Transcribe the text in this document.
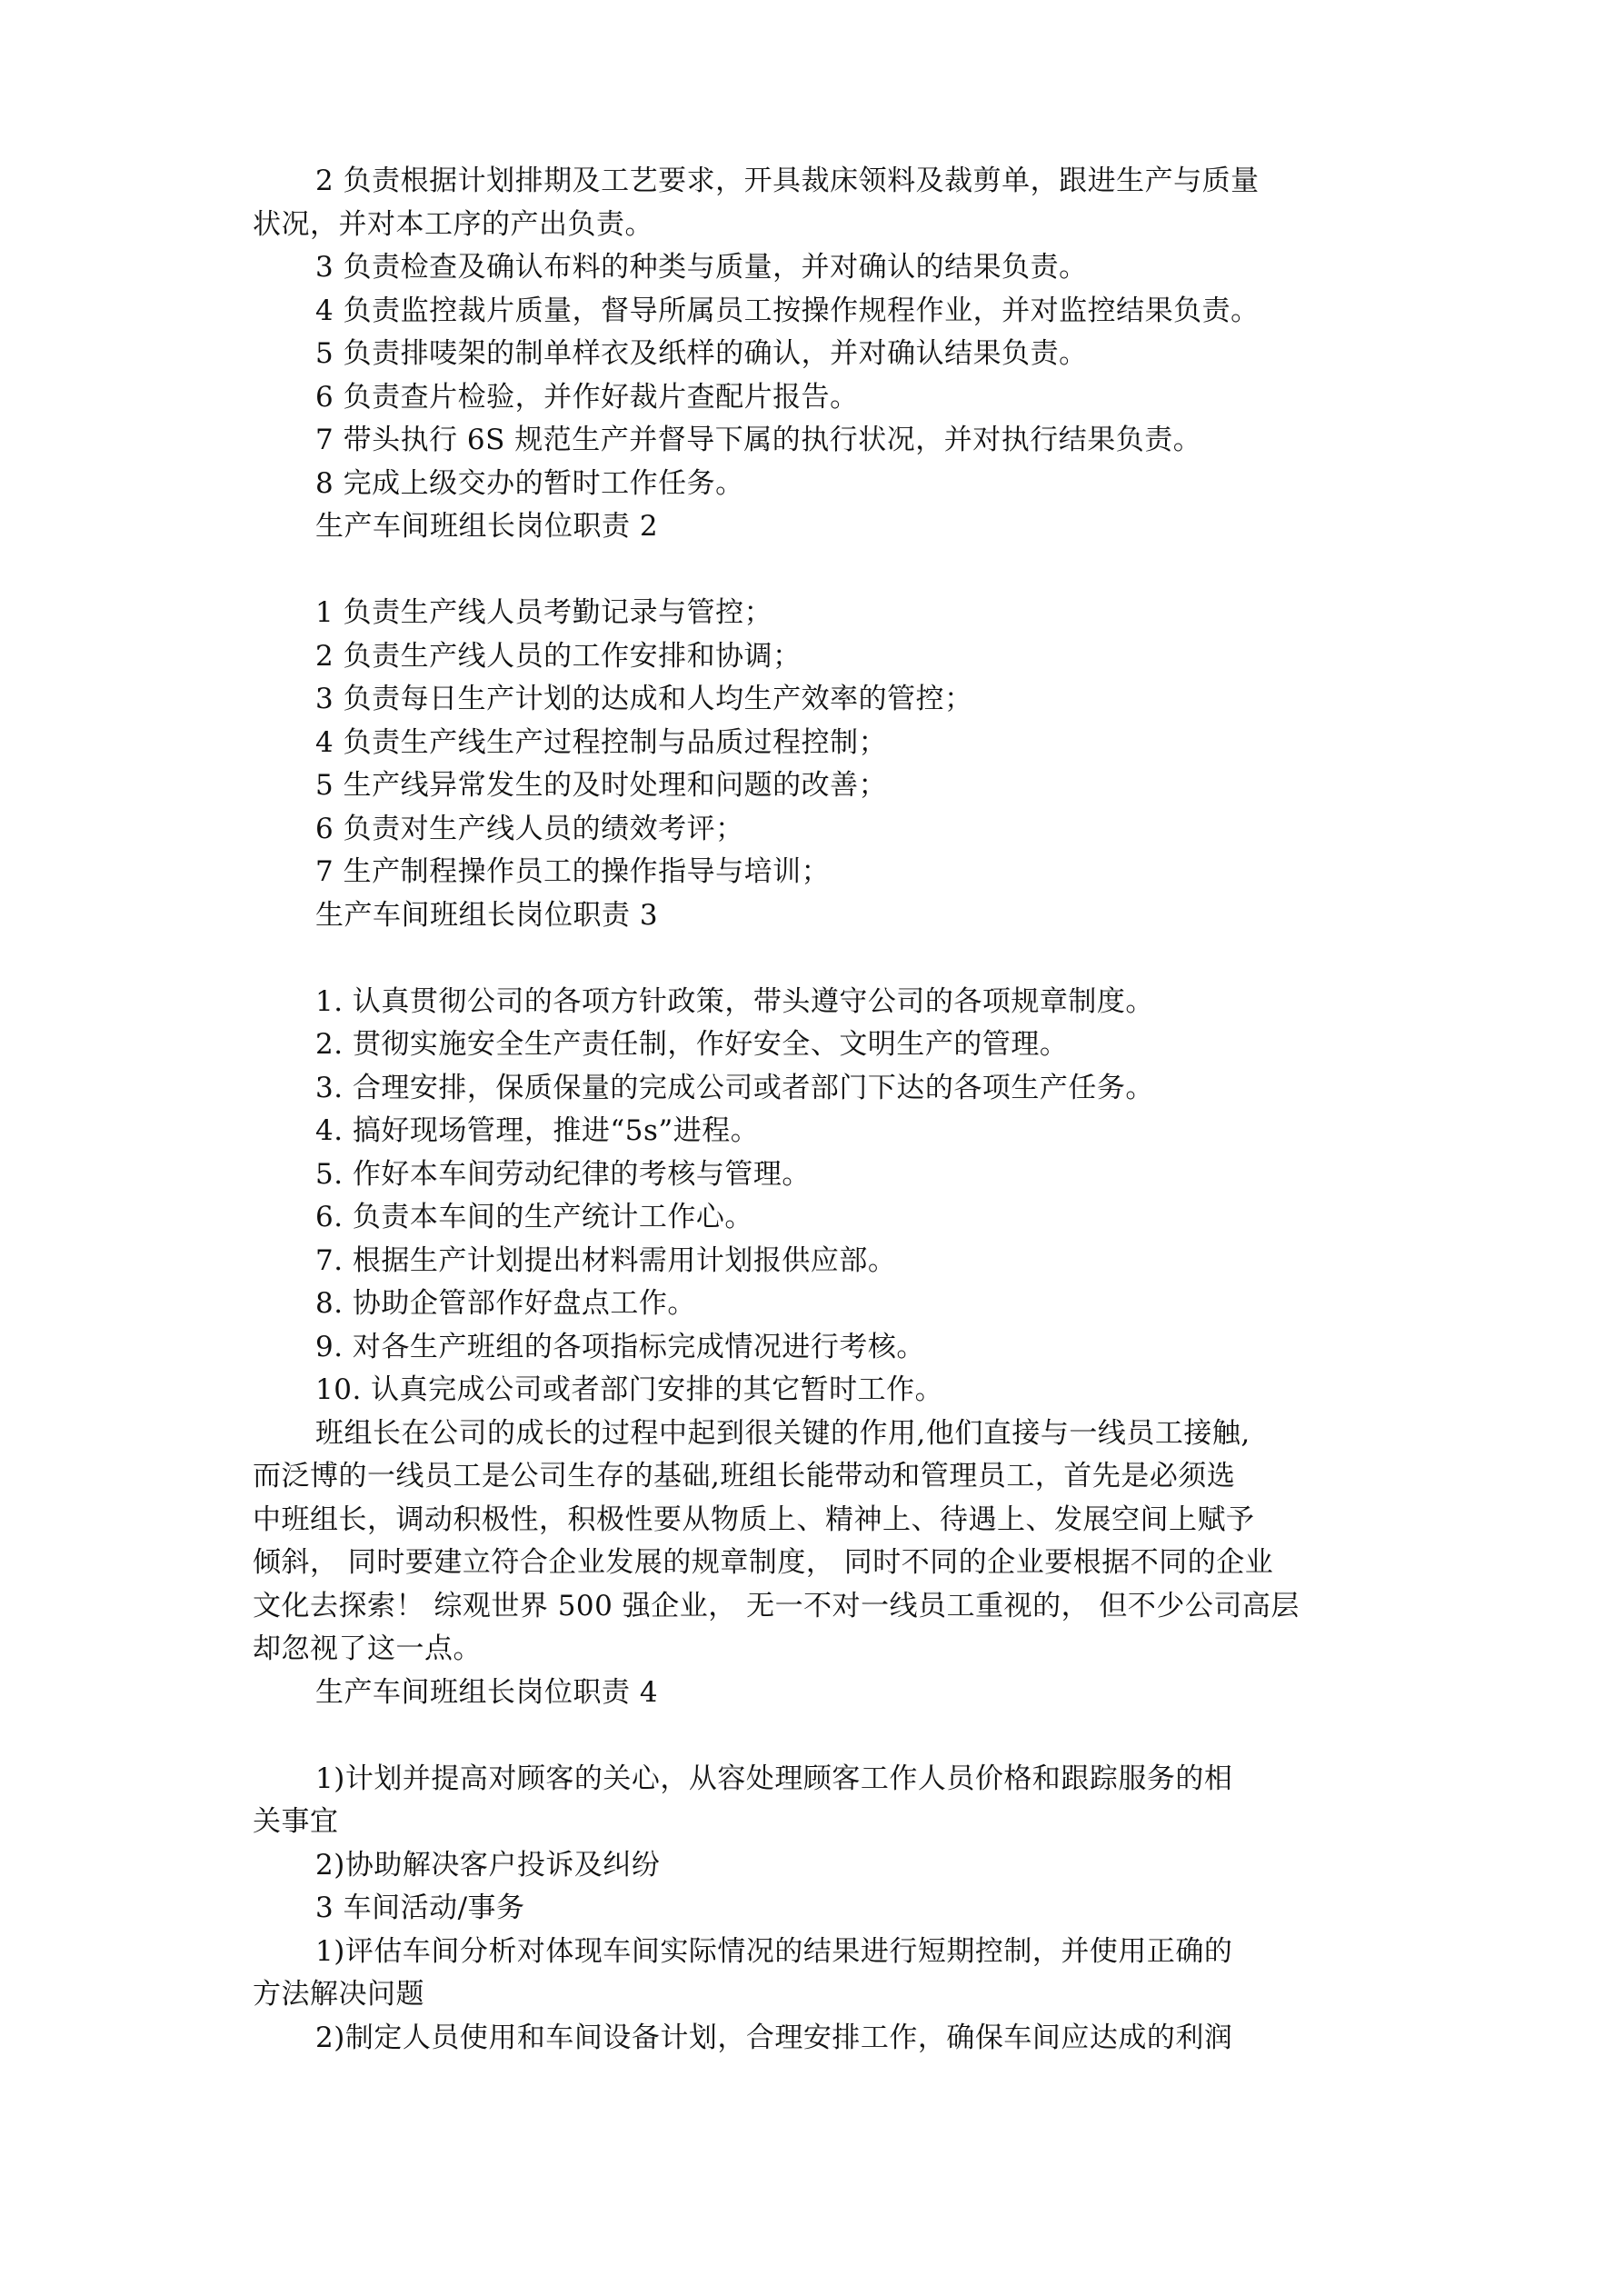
2 负责根据计划排期及工艺要求，开具裁床领料及裁剪单，跟进生产与质量
状况，并对本工序的产出负责。
3 负责检查及确认布料的种类与质量，并对确认的结果负责。
4 负责监控裁片质量，督导所属员工按操作规程作业，并对监控结果负责。
5 负责排唛架的制单样衣及纸样的确认，并对确认结果负责。
6 负责查片检验，并作好裁片查配片报告。
7 带头执行 6S 规范生产并督导下属的执行状况，并对执行结果负责。
8 完成上级交办的暂时工作任务。
生产车间班组长岗位职责 2
1 负责生产线人员考勤记录与管控；
2 负责生产线人员的工作安排和协调；
3 负责每日生产计划的达成和人均生产效率的管控；
4 负责生产线生产过程控制与品质过程控制；
5 生产线异常发生的及时处理和问题的改善；
6 负责对生产线人员的绩效考评；
7 生产制程操作员工的操作指导与培训；
生产车间班组长岗位职责 3
1. 认真贯彻公司的各项方针政策，带头遵守公司的各项规章制度。
2. 贯彻实施安全生产责任制，作好安全、文明生产的管理。
3. 合理安排，保质保量的完成公司或者部门下达的各项生产任务。
4. 搞好现场管理，推进“5s”进程。
5. 作好本车间劳动纪律的考核与管理。
6. 负责本车间的生产统计工作心。
7. 根据生产计划提出材料需用计划报供应部。
8. 协助企管部作好盘点工作。
9. 对各生产班组的各项指标完成情况进行考核。
10. 认真完成公司或者部门安排的其它暂时工作。
班组长在公司的成长的过程中起到很关键的作用,他们直接与一线员工接触,
而泛博的一线员工是公司生存的基础,班组长能带动和管理员工，首先是必须选
中班组长，调动积极性，积极性要从物质上、精神上、待遇上、发展空间上赋予
倾斜， 同时要建立符合企业发展的规章制度， 同时不同的企业要根据不同的企业
文化去探索！ 综观世界 500 强企业， 无一不对一线员工重视的， 但不少公司高层
却忽视了这一点。
生产车间班组长岗位职责 4
1)计划并提高对顾客的关心，从容处理顾客工作人员价格和跟踪服务的相
关事宜
2)协助解决客户投诉及纠纷
3 车间活动/事务
1)评估车间分析对体现车间实际情况的结果进行短期控制，并使用正确的
方法解决问题
2)制定人员使用和车间设备计划，合理安排工作，确保车间应达成的利润
